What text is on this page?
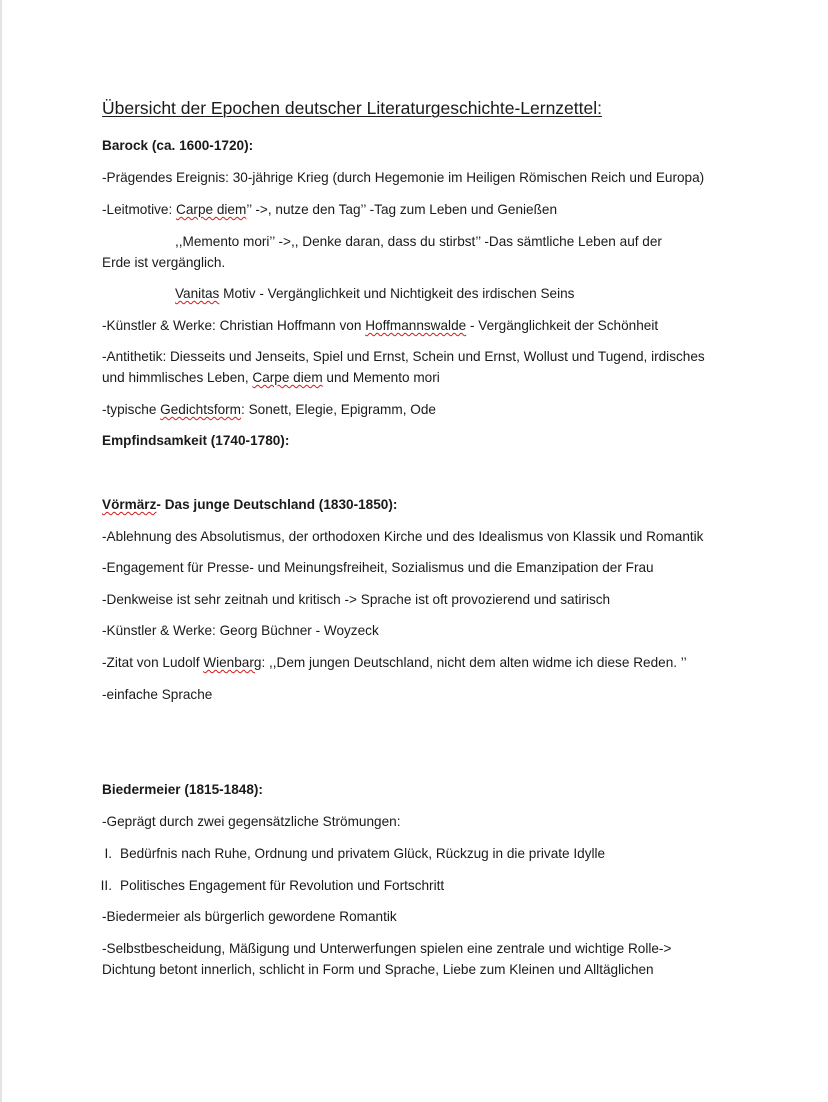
Übersicht der Epochen deutscher Literaturgeschichte-Lernzettel:
Barock (ca. 1600-1720):
-Prägendes Ereignis: 30-jährige Krieg (durch Hegemonie im Heiligen Römischen Reich und Europa)
-Leitmotive: Carpe diem’’ ->, nutze den Tag’’ -Tag zum Leben und Genießen
,,Memento mori’’ ->,, Denke daran, dass du stirbst’’ -Das sämtliche Leben auf der
Erde ist vergänglich.
Vanitas Motiv - Vergänglichkeit und Nichtigkeit des irdischen Seins
-Künstler & Werke: Christian Hoffmann von Hoffmannswalde - Vergänglichkeit der Schönheit
-Antithetik: Diesseits und Jenseits, Spiel und Ernst, Schein und Ernst, Wollust und Tugend, irdisches
und himmlisches Leben, Carpe diem und Memento mori
-typische Gedichtsform: Sonett, Elegie, Epigramm, Ode
Empfindsamkeit (1740-1780):
Vörmärz- Das junge Deutschland (1830-1850):
-Ablehnung des Absolutismus, der orthodoxen Kirche und des Idealismus von Klassik und Romantik
-Engagement für Presse- und Meinungsfreiheit, Sozialismus und die Emanzipation der Frau
-Denkweise ist sehr zeitnah und kritisch -> Sprache ist oft provozierend und satirisch
-Künstler & Werke: Georg Büchner - Woyzeck
-Zitat von Ludolf Wienbarg: ,,Dem jungen Deutschland, nicht dem alten widme ich diese Reden. ’’
-einfache Sprache
Biedermeier (1815-1848):
-Geprägt durch zwei gegensätzliche Strömungen:
I. Bedürfnis nach Ruhe, Ordnung und privatem Glück, Rückzug in die private Idylle
II. Politisches Engagement für Revolution und Fortschritt
-Biedermeier als bürgerlich gewordene Romantik
-Selbstbescheidung, Mäßigung und Unterwerfungen spielen eine zentrale und wichtige Rolle->
Dichtung betont innerlich, schlicht in Form und Sprache, Liebe zum Kleinen und Alltäglichen
